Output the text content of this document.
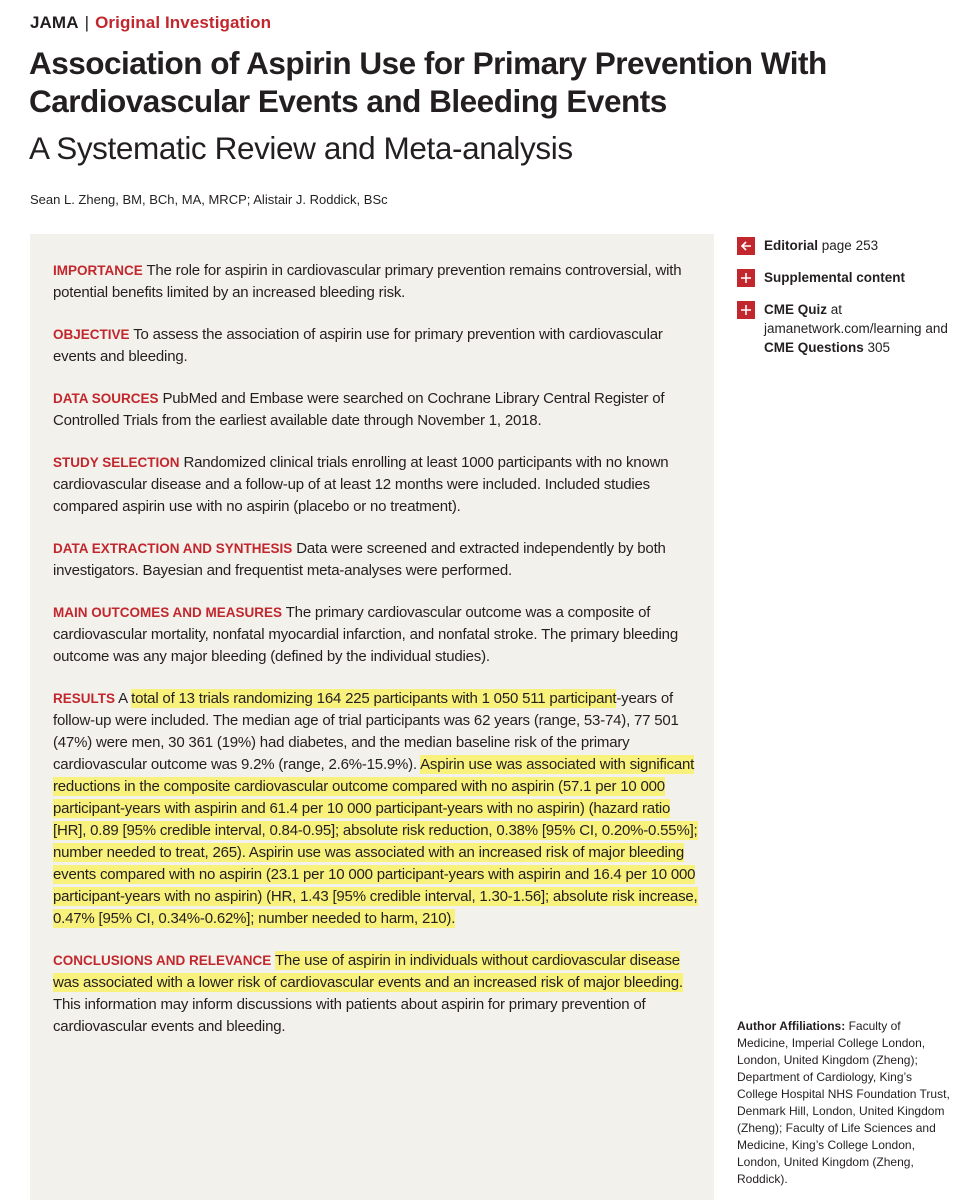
JAMA | Original Investigation
Association of Aspirin Use for Primary Prevention With Cardiovascular Events and Bleeding Events
A Systematic Review and Meta-analysis
Sean L. Zheng, BM, BCh, MA, MRCP; Alistair J. Roddick, BSc

IMPORTANCE The role for aspirin in cardiovascular primary prevention remains controversial, with potential benefits limited by an increased bleeding risk.

OBJECTIVE To assess the association of aspirin use for primary prevention with cardiovascular events and bleeding.

DATA SOURCES PubMed and Embase were searched on Cochrane Library Central Register of Controlled Trials from the earliest available date through November 1, 2018.

STUDY SELECTION Randomized clinical trials enrolling at least 1000 participants with no known cardiovascular disease and a follow-up of at least 12 months were included. Included studies compared aspirin use with no aspirin (placebo or no treatment).

DATA EXTRACTION AND SYNTHESIS Data were screened and extracted independently by both investigators. Bayesian and frequentist meta-analyses were performed.

MAIN OUTCOMES AND MEASURES The primary cardiovascular outcome was a composite of cardiovascular mortality, nonfatal myocardial infarction, and nonfatal stroke. The primary bleeding outcome was any major bleeding (defined by the individual studies).

RESULTS A total of 13 trials randomizing 164 225 participants with 1 050 511 participant-years of follow-up were included. The median age of trial participants was 62 years (range, 53-74), 77 501 (47%) were men, 30 361 (19%) had diabetes, and the median baseline risk of the primary cardiovascular outcome was 9.2% (range, 2.6%-15.9%). Aspirin use was associated with significant reductions in the composite cardiovascular outcome compared with no aspirin (57.1 per 10 000 participant-years with aspirin and 61.4 per 10 000 participant-years with no aspirin) (hazard ratio [HR], 0.89 [95% credible interval, 0.84-0.95]; absolute risk reduction, 0.38% [95% CI, 0.20%-0.55%]; number needed to treat, 265). Aspirin use was associated with an increased risk of major bleeding events compared with no aspirin (23.1 per 10 000 participant-years with aspirin and 16.4 per 10 000 participant-years with no aspirin) (HR, 1.43 [95% credible interval, 1.30-1.56]; absolute risk increase, 0.47% [95% CI, 0.34%-0.62%]; number needed to harm, 210).

CONCLUSIONS AND RELEVANCE The use of aspirin in individuals without cardiovascular disease was associated with a lower risk of cardiovascular events and an increased risk of major bleeding. This information may inform discussions with patients about aspirin for primary prevention of cardiovascular events and bleeding.

Editorial page 253
Supplemental content
CME Quiz at jamanetwork.com/learning and CME Questions 305
Author Affiliations: Faculty of Medicine, Imperial College London, London, United Kingdom (Zheng); Department of Cardiology, King’s College Hospital NHS Foundation Trust, Denmark Hill, London, United Kingdom (Zheng); Faculty of Life Sciences and Medicine, King’s College London, London, United Kingdom (Zheng, Roddick).
